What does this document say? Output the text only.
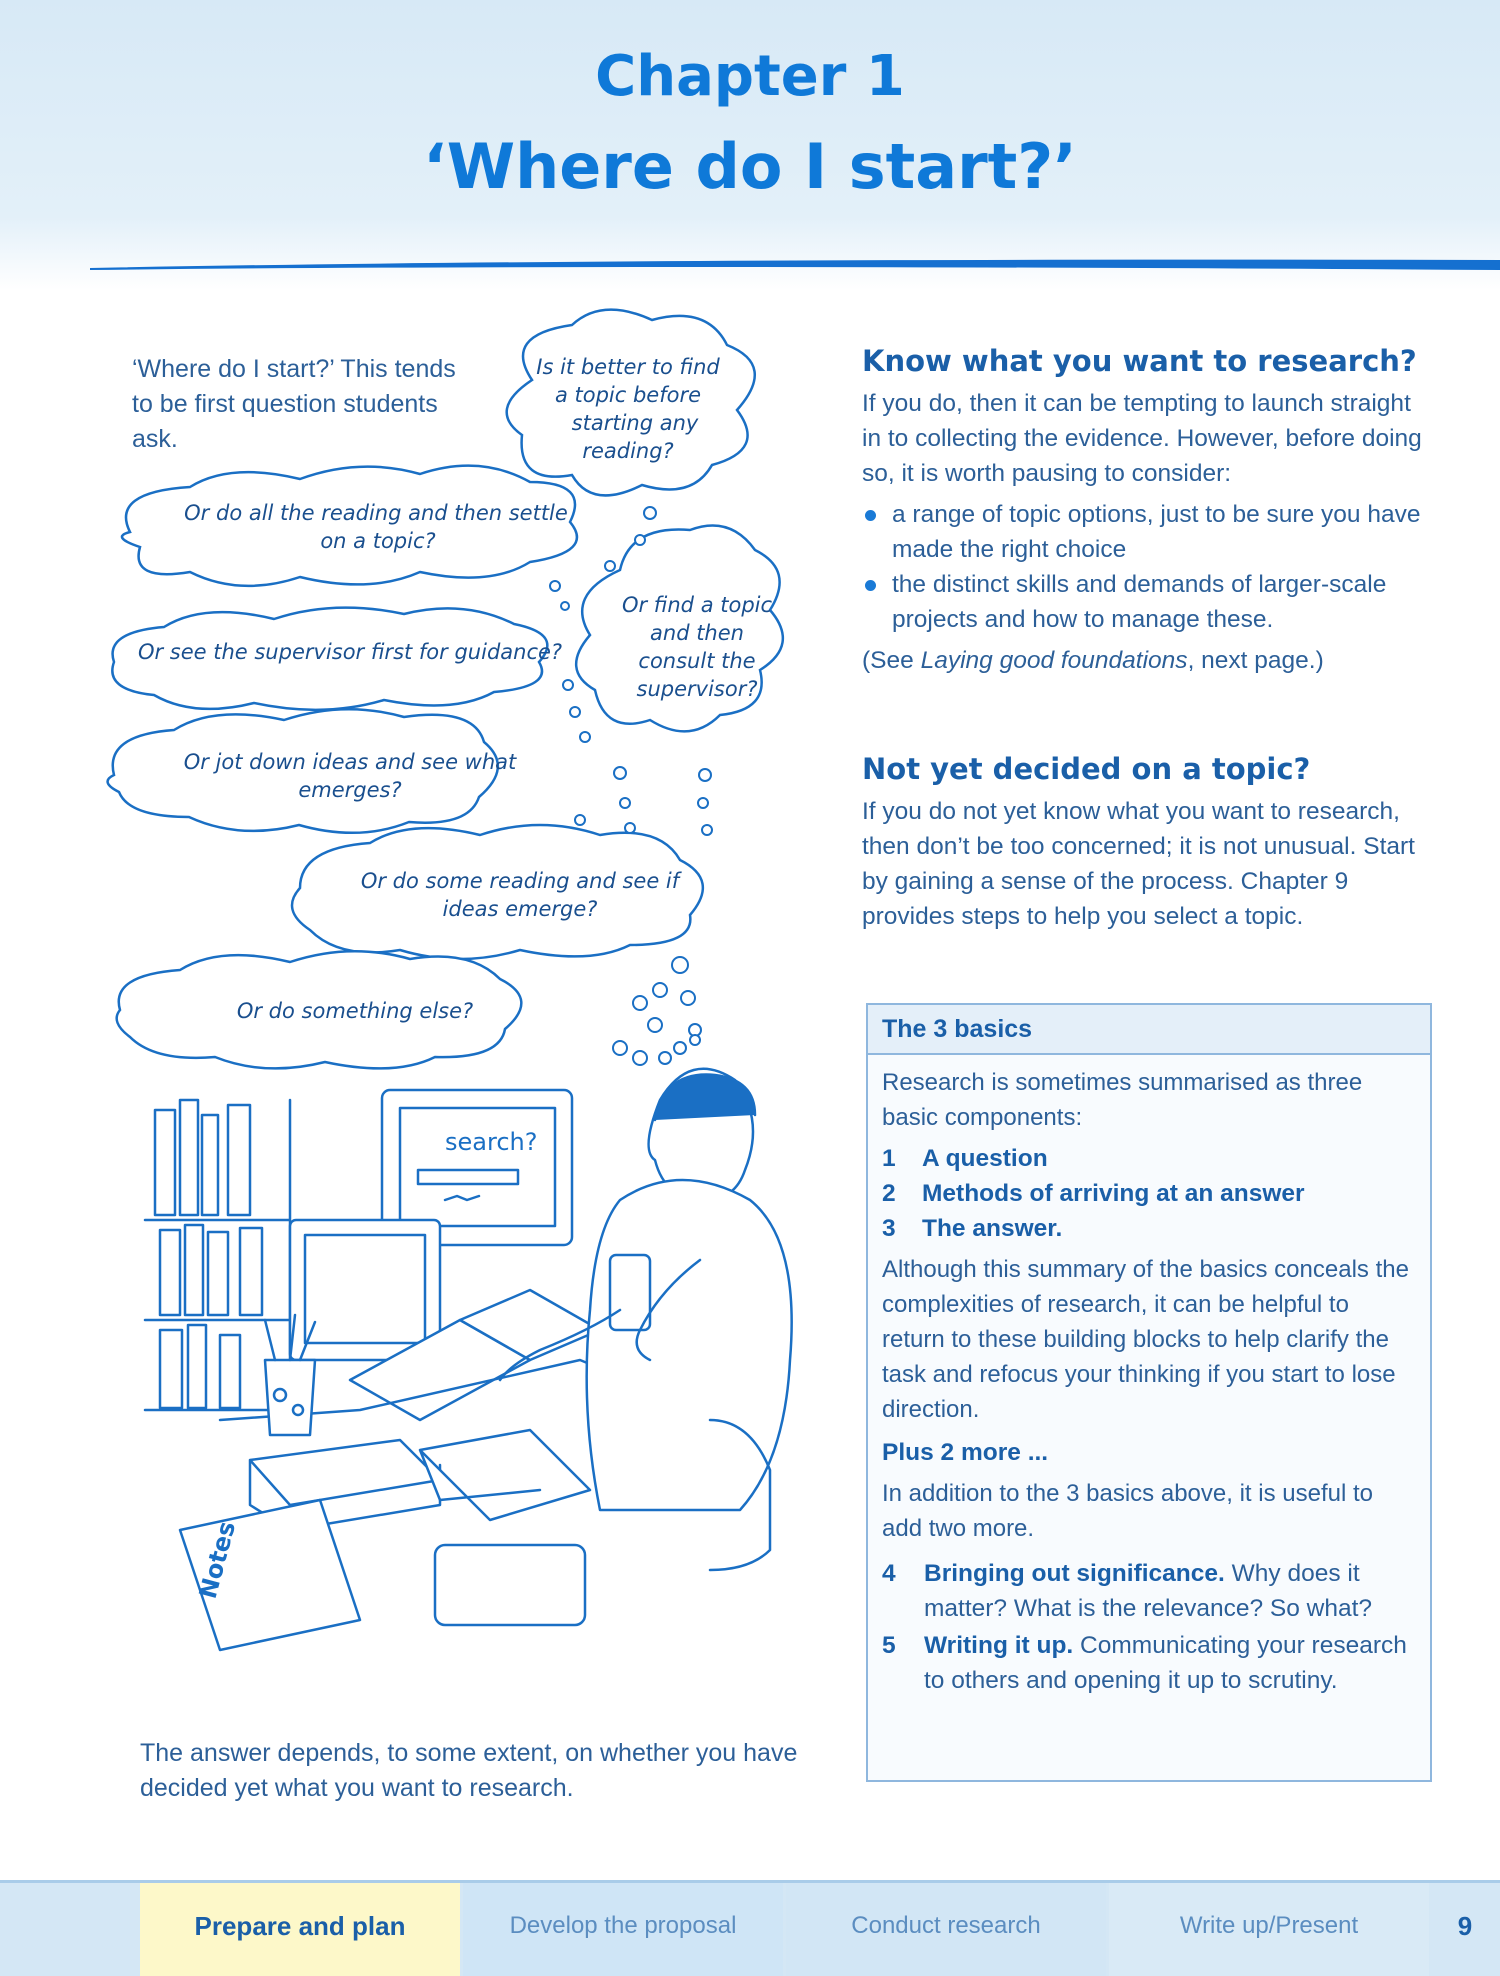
Chapter 1
‘Where do I start?’
‘Where do I start?’ This tends to be first question students ask.
Is it better to find
a topic before
starting any
reading?
Or do all the reading and then settle
on a topic?
Or find a topic
and then
consult the
supervisor?
Or see the supervisor first for guidance?
Or jot down ideas and see what
emerges?
Or do some reading and see if
ideas emerge?
Or do something else?
search?
Notes
The answer depends, to some extent, on whether you have decided yet what you want to research.
Know what you want to research?

If you do, then it can be tempting to launch straight in to collecting the evidence. However, before doing so, it is worth pausing to consider:

a range of topic options, just to be sure you have made the right choice
the distinct skills and demands of larger-scale projects and how to manage these.
(See Laying good foundations, next page.)
Not yet decided on a topic?

If you do not yet know what you want to research, then don’t be too concerned; it is not unusual. Start by gaining a sense of the process. Chapter 9 provides steps to help you select a topic.

The 3 basics

Research is sometimes summarised as three basic components:

1 A question
2 Methods of arriving at an answer
3 The answer.

Although this summary of the basics conceals the complexities of research, it can be helpful to return to these building blocks to help clarify the task and refocus your thinking if you start to lose direction.

Plus 2 more ...

In addition to the 3 basics above, it is useful to add two more.

4 Bringing out significance. Why does it matter? What is the relevance? So what?
5 Writing it up. Communicating your research to others and opening it up to scrutiny.
Prepare and plan	Develop the proposal	Conduct research	Write up/Present	9
